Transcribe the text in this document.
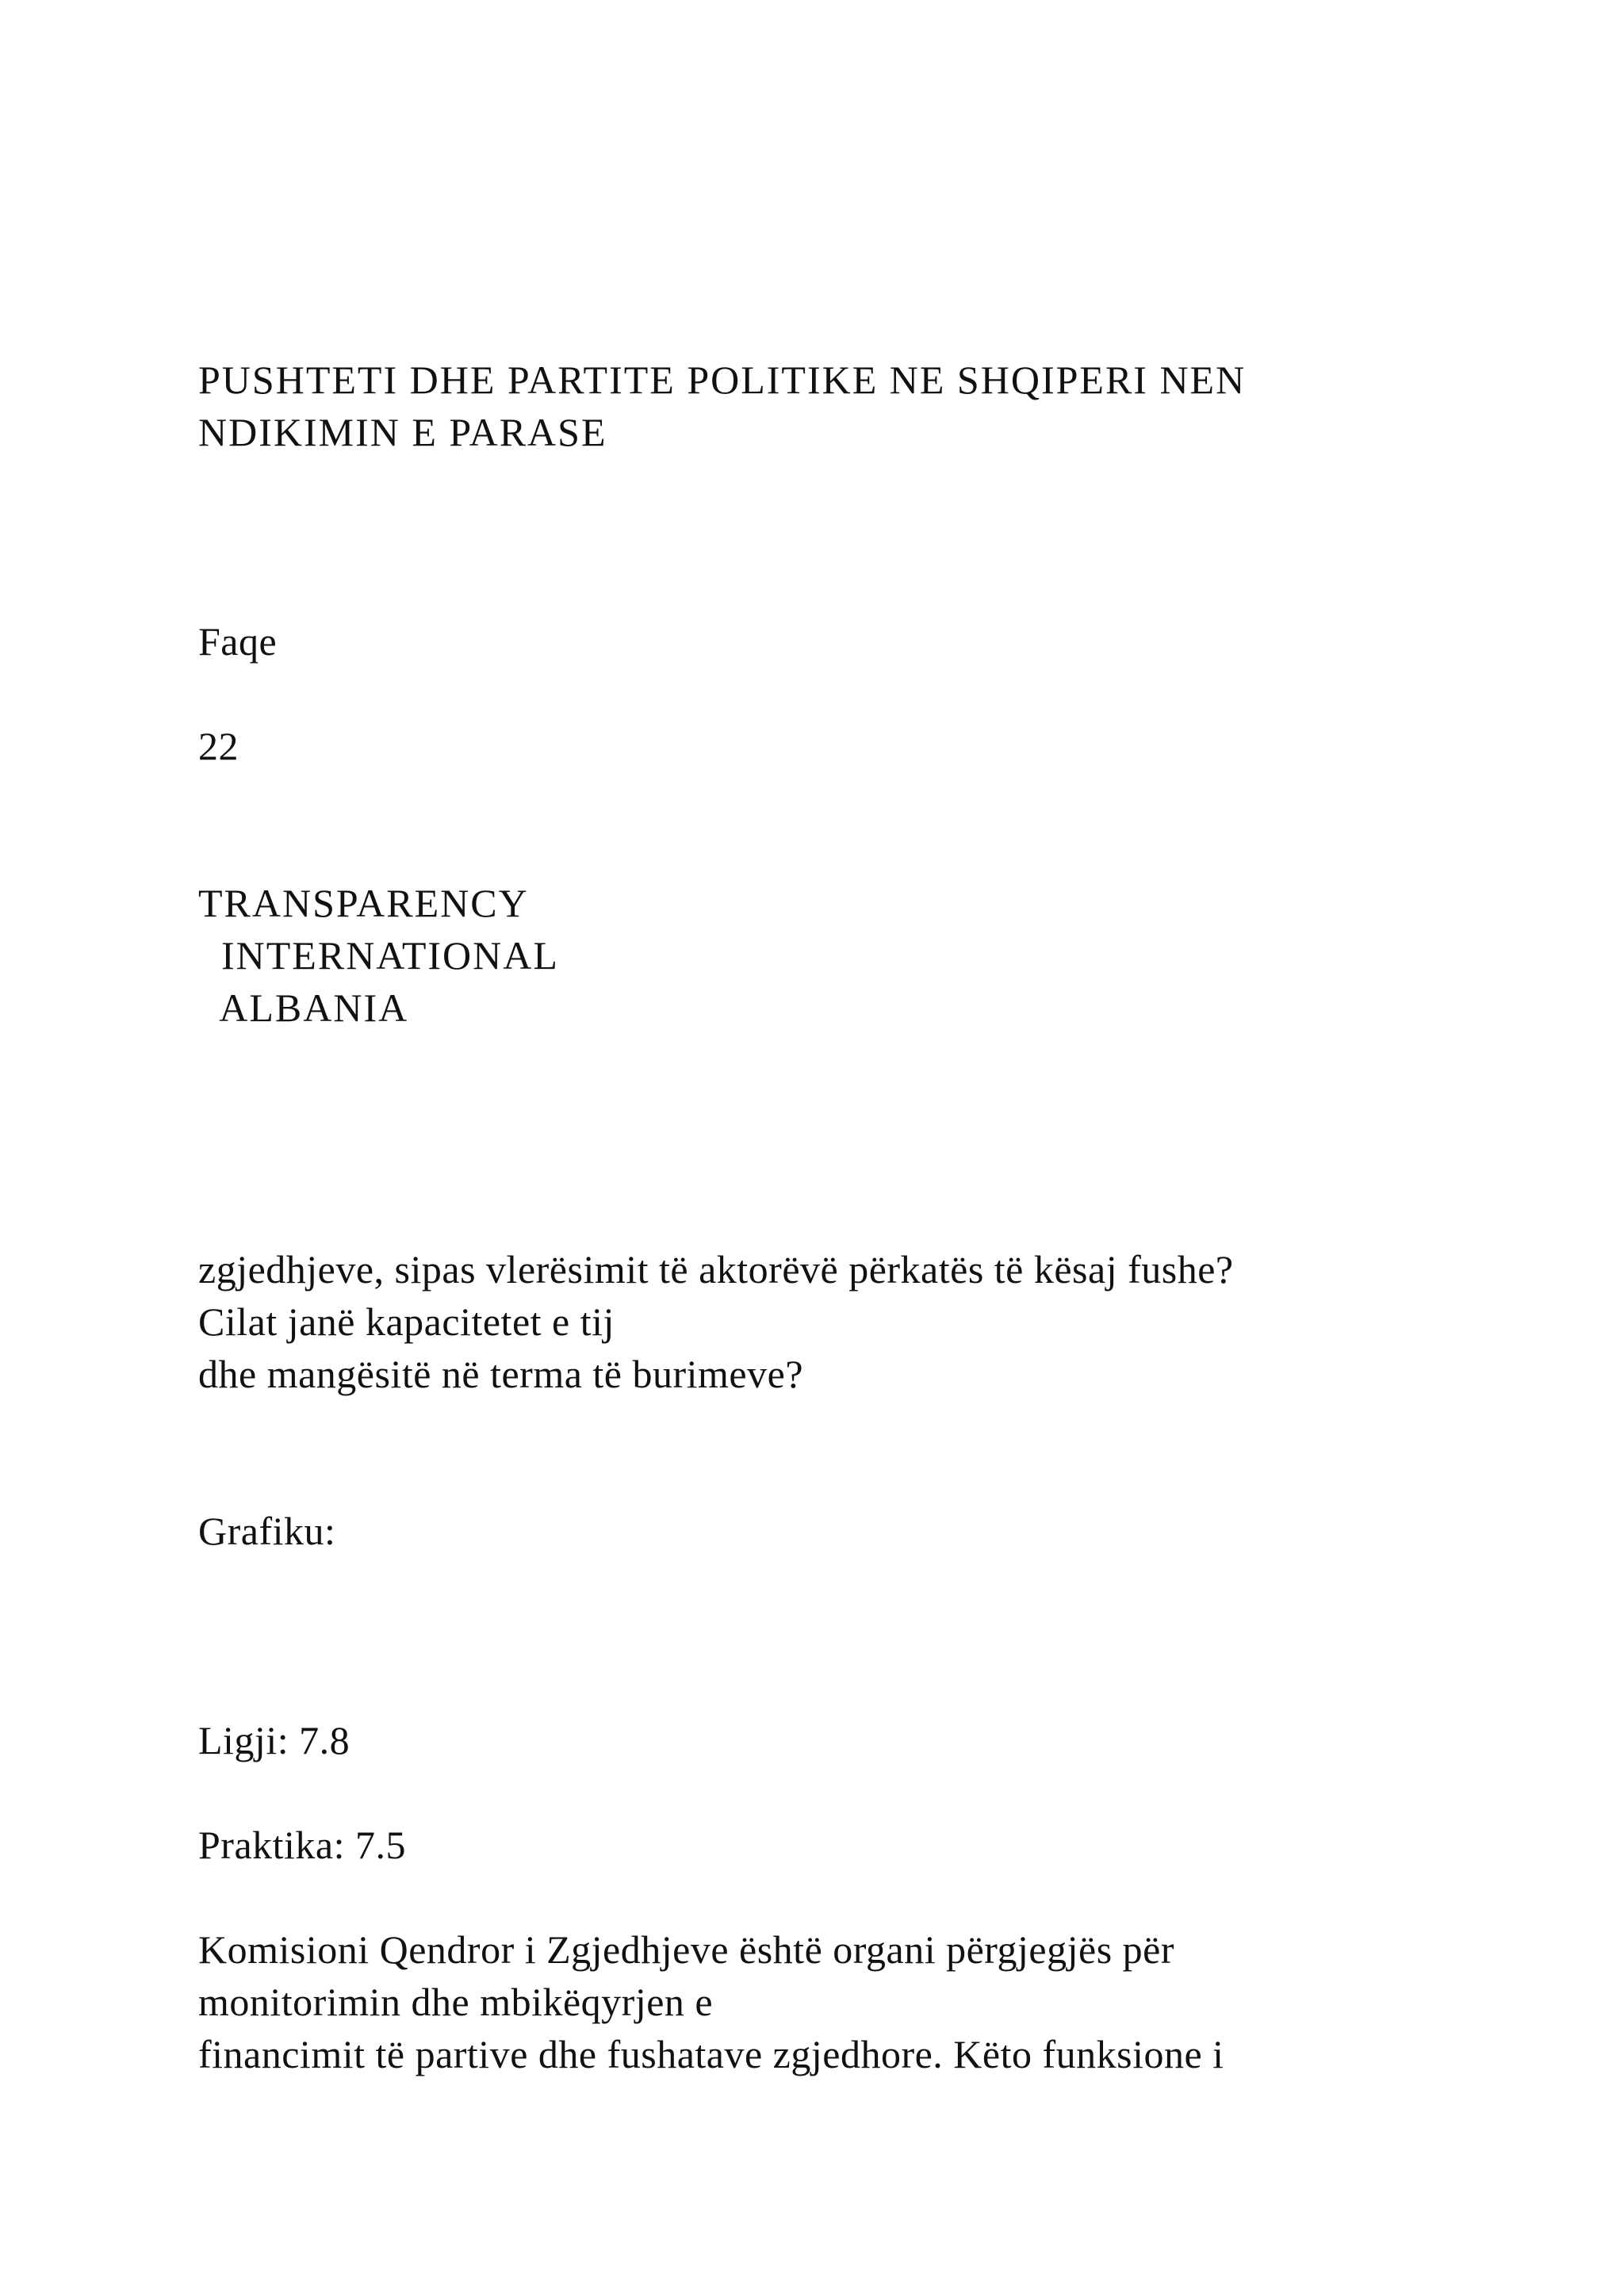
PUSHTETI DHE PARTITE POLITIKE NE SHQIPERI NEN
NDIKIMIN E PARASE
Faqe
22
TRANSPARENCY
INTERNATIONAL
ALBANIA
zgjedhjeve, sipas vlerësimit të aktorëvë përkatës të kësaj fushe?
Cilat janë kapacitetet e tij
dhe mangësitë në terma të burimeve?
Grafiku:
Ligji: 7.8
Praktika: 7.5
Komisioni Qendror i Zgjedhjeve është organi përgjegjës për
monitorimin dhe mbikëqyrjen e
financimit të partive dhe fushatave zgjedhore. Këto funksione i
